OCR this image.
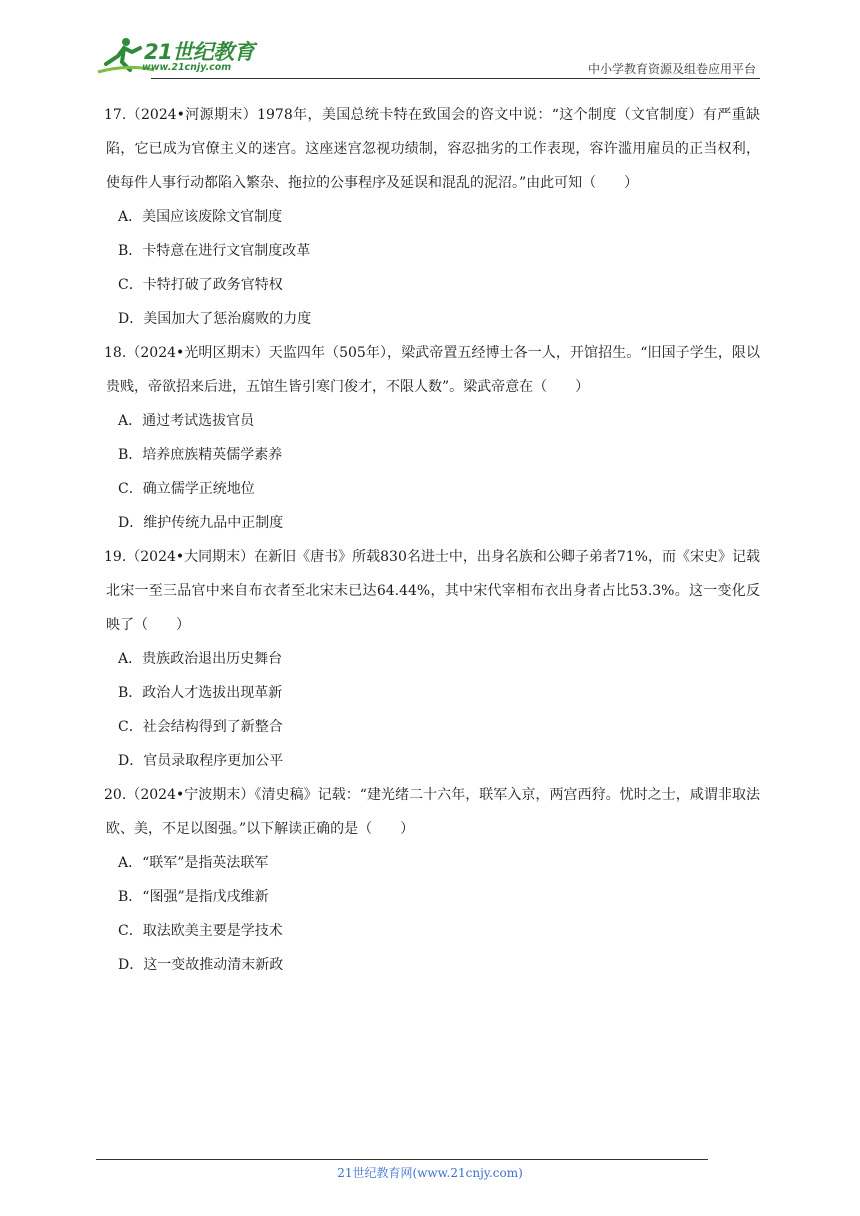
21世纪教育
www.21cnjy.com	中小学教育资源及组卷应用平台

17.（2024•河源期末）1978年，美国总统卡特在致国会的咨文中说：“这个制度（文官制度）有严重缺陷，它已成为官僚主义的迷宫。这座迷宫忽视功绩制，容忍拙劣的工作表现，容许滥用雇员的正当权利，使每件人事行动都陷入繁杂、拖拉的公事程序及延误和混乱的泥沼。”由此可知（　　）

A．美国应该废除文官制度

B．卡特意在进行文官制度改革

C．卡特打破了政务官特权

D．美国加大了惩治腐败的力度

18.（2024•光明区期末）天监四年（505年），梁武帝置五经博士各一人，开馆招生。“旧国子学生，限以贵贱，帝欲招来后进，五馆生皆引寒门俊才，不限人数”。梁武帝意在（　　）

A．通过考试选拔官员

B．培养庶族精英儒学素养

C．确立儒学正统地位

D．维护传统九品中正制度

19.（2024•大同期末）在新旧《唐书》所载830名进士中，出身名族和公卿子弟者71%，而《宋史》记载北宋一至三品官中来自布衣者至北宋末已达64.44%，其中宋代宰相布衣出身者占比53.3%。这一变化反映了（　　）

A．贵族政治退出历史舞台

B．政治人才选拔出现革新

C．社会结构得到了新整合

D．官员录取程序更加公平

20.（2024•宁波期末）《清史稿》记载：“建光绪二十六年，联军入京，两宫西狩。忧时之士，咸谓非取法欧、美，不足以图强。”以下解读正确的是（　　）

A．“联军”是指英法联军

B．“图强”是指戊戌维新

C．取法欧美主要是学技术

D．这一变故推动清末新政

21世纪教育网(www.21cnjy.com)
